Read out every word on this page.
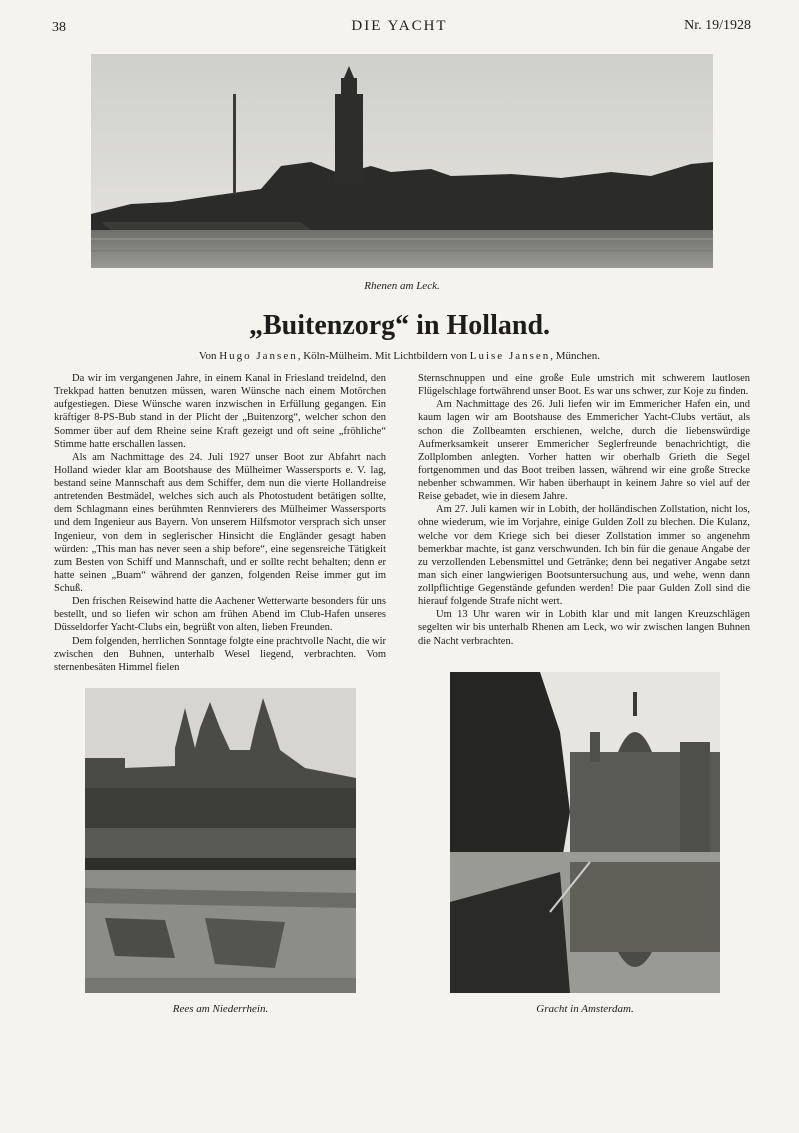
38	DIE YACHT	Nr. 19/1928
Rhenen am Leck.
„Buitenzorg“ in Holland.
Von Hugo Jansen, Köln-Mülheim. Mit Lichtbildern von Luise Jansen, München.

Da wir im vergangenen Jahre, in einem Kanal in Friesland treidelnd, den Trekkpad hatten benutzen müssen, waren Wünsche nach einem Motörchen aufgestiegen. Diese Wünsche waren inzwischen in Erfüllung gegangen. Ein kräftiger 8-PS-Bub stand in der Plicht der „Buitenzorg“, welcher schon den Sommer über auf dem Rheine seine Kraft gezeigt und oft seine „fröhliche“ Stimme hatte erschallen lassen.

Als am Nachmittage des 24. Juli 1927 unser Boot zur Abfahrt nach Holland wieder klar am Bootshause des Mülheimer Wassersports e. V. lag, bestand seine Mannschaft aus dem Schiffer, dem nun die vierte Hollandreise antretenden Bestmädel, welches sich auch als Photostudent betätigen sollte, dem Schlagmann eines berühmten Rennvierers des Mülheimer Wassersports und dem Ingenieur aus Bayern. Von unserem Hilfsmotor versprach sich unser Ingenieur, von dem in seglerischer Hinsicht die Engländer gesagt haben würden: „This man has never seen a ship before“, eine segensreiche Tätigkeit zum Besten von Schiff und Mannschaft, und er sollte recht behalten; denn er hatte seinen „Buam“ während der ganzen, folgenden Reise immer gut im Schuß.

Den frischen Reisewind hatte die Aachener Wetterwarte besonders für uns bestellt, und so liefen wir schon am frühen Abend im Club-Hafen unseres Düsseldorfer Yacht-Clubs ein, begrüßt von alten, lieben Freunden.

Dem folgenden, herrlichen Sonntage folgte eine prachtvolle Nacht, die wir zwischen den Buhnen, unterhalb Wesel liegend, verbrachten. Vom sternenbesäten Himmel fielen

Sternschnuppen und eine große Eule umstrich mit schwerem lautlosen Flügelschlage fortwährend unser Boot. Es war uns schwer, zur Koje zu finden.

Am Nachmittage des 26. Juli liefen wir im Emmericher Hafen ein, und kaum lagen wir am Bootshause des Emmericher Yacht-Clubs vertäut, als schon die Zollbeamten erschienen, welche, durch die liebenswürdige Aufmerksamkeit unserer Emmericher Seglerfreunde benachrichtigt, die Zollplomben anlegten. Vorher hatten wir oberhalb Grieth die Segel fortgenommen und das Boot treiben lassen, während wir eine große Strecke nebenher schwammen. Wir haben überhaupt in keinem Jahre so viel auf der Reise gebadet, wie in diesem Jahre.

Am 27. Juli kamen wir in Lobith, der holländischen Zollstation, nicht los, ohne wiederum, wie im Vorjahre, einige Gulden Zoll zu blechen. Die Kulanz, welche vor dem Kriege sich bei dieser Zollstation immer so angenehm bemerkbar machte, ist ganz verschwunden. Ich bin für die genaue Angabe der zu verzollenden Lebensmittel und Getränke; denn bei negativer Angabe setzt man sich einer langwierigen Bootsuntersuchung aus, und wehe, wenn dann zollpflichtige Gegenstände gefunden werden! Die paar Gulden Zoll sind die hierauf folgende Strafe nicht wert.

Um 13 Uhr waren wir in Lobith klar und mit langen Kreuzschlägen segelten wir bis unterhalb Rhenen am Leck, wo wir zwischen langen Buhnen die Nacht verbrachten.

Rees am Niederrhein.	Gracht in Amsterdam.
